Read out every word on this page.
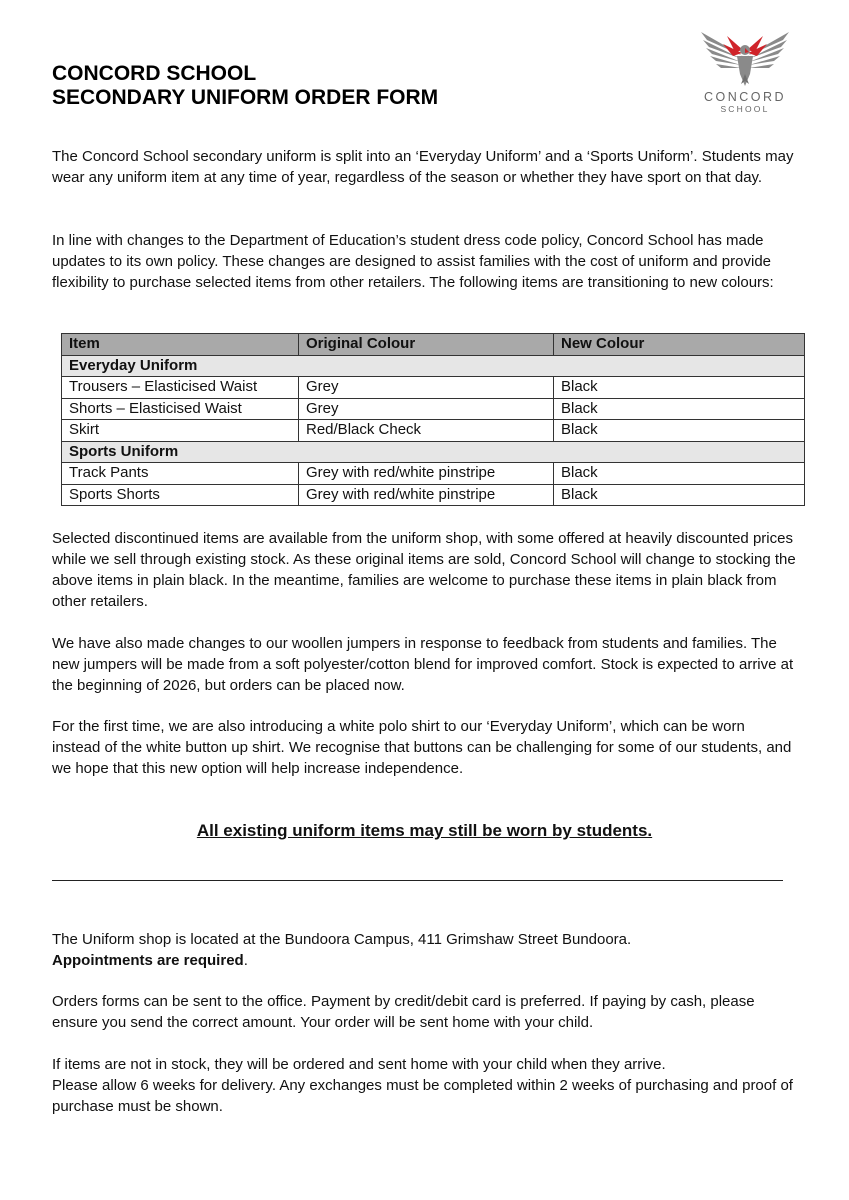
CONCORD SCHOOL
SECONDARY UNIFORM ORDER FORM	CONCORD
SCHOOL
The Concord School secondary uniform is split into an ‘Everyday Uniform’ and a ‘Sports Uniform’. Students may wear any uniform item at any time of year, regardless of the season or whether they have sport on that day.
In line with changes to the Department of Education’s student dress code policy, Concord School has made updates to its own policy. These changes are designed to assist families with the cost of uniform and provide flexibility to purchase selected items from other retailers. The following items are transitioning to new colours:
Item	Original Colour	New Colour
Everyday Uniform		
Trousers – Elasticised Waist	Grey	Black
Shorts – Elasticised Waist	Grey	Black
Skirt	Red/Black Check	Black
Sports Uniform		
Track Pants	Grey with red/white pinstripe	Black
Sports Shorts	Grey with red/white pinstripe	Black
Selected discontinued items are available from the uniform shop, with some offered at heavily discounted prices while we sell through existing stock. As these original items are sold, Concord School will change to stocking the above items in plain black. In the meantime, families are welcome to purchase these items in plain black from other retailers.
We have also made changes to our woollen jumpers in response to feedback from students and families. The new jumpers will be made from a soft polyester/cotton blend for improved comfort. Stock is expected to arrive at the beginning of 2026, but orders can be placed now.
For the first time, we are also introducing a white polo shirt to our ‘Everyday Uniform’, which can be worn instead of the white button up shirt. We recognise that buttons can be challenging for some of our students, and we hope that this new option will help increase independence.
All existing uniform items may still be worn by students.
The Uniform shop is located at the Bundoora Campus, 411 Grimshaw Street Bundoora.
Appointments are required.
Orders forms can be sent to the office. Payment by credit/debit card is preferred. If paying by cash, please ensure you send the correct amount. Your order will be sent home with your child.
If items are not in stock, they will be ordered and sent home with your child when they arrive.
Please allow 6 weeks for delivery. Any exchanges must be completed within 2 weeks of purchasing and proof of purchase must be shown.
